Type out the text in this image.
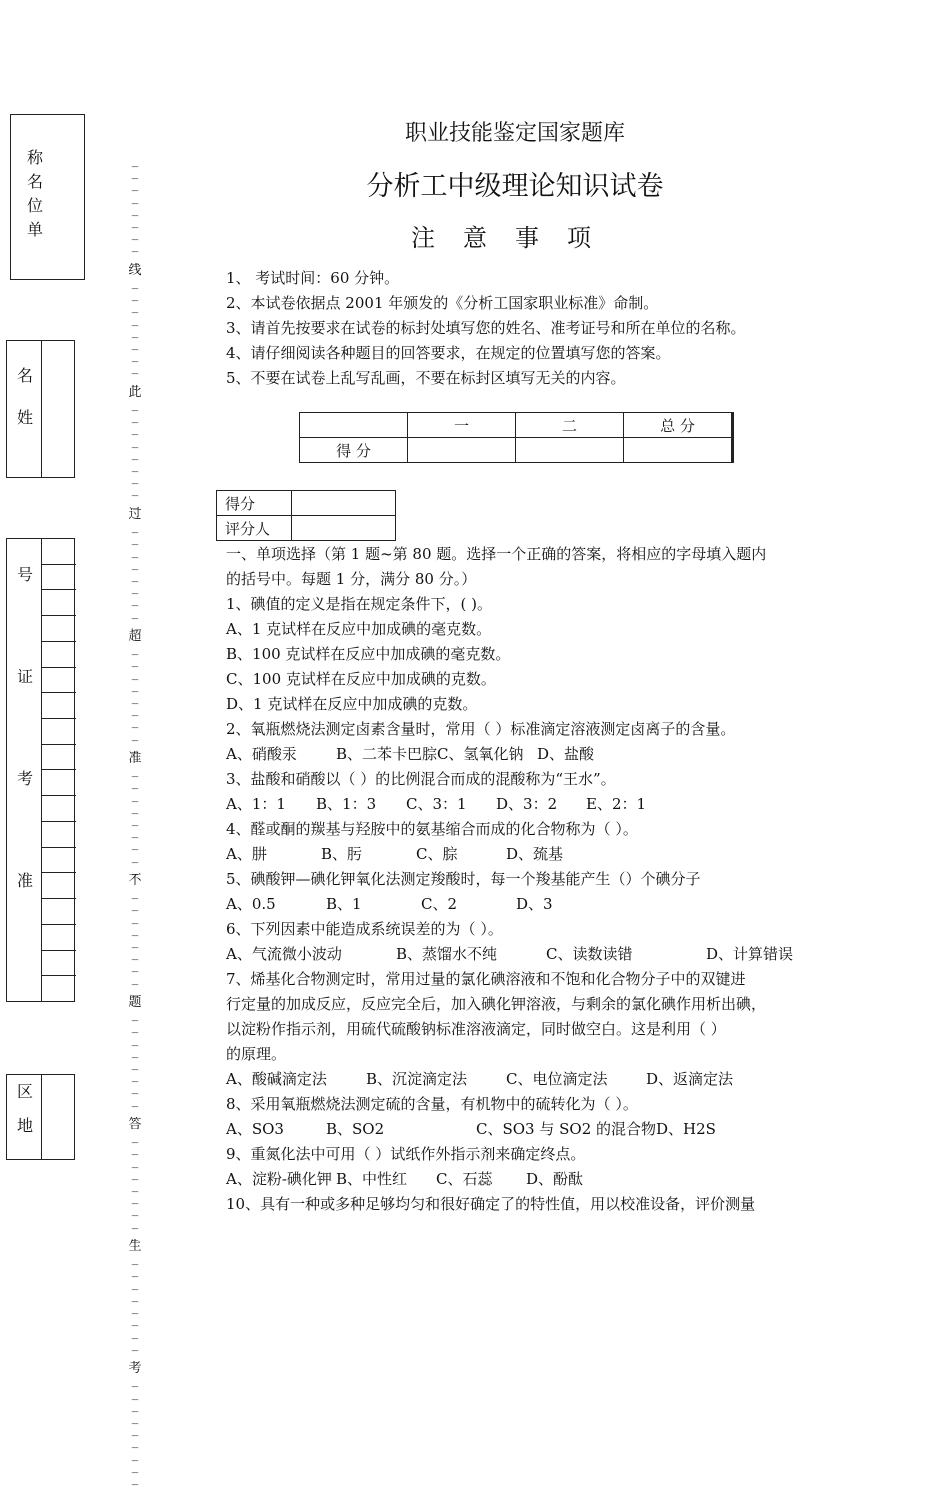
称名位单
名姓
号证考准
区地
_
_
_
_
_
_
_
_
_
线
_
_
_
_
_
_
_
_
_
此
_
_
_
_
_
_
_
_
_
过
_
_
_
_
_
_
_
_
_
超
_
_
_
_
_
_
_
_
_
准
_
_
_
_
_
_
_
_
_
不
_
_
_
_
_
_
_
_
_
题
_
_
_
_
_
_
_
_
_
答
_
_
_
_
_
_
_
_
_
生
_
_
_
_
_
_
_
_
_
考
_
_
_
_
_
_
_
_
_

职业技能鉴定国家题库
分析工中级理论知识试卷
注意事项
1、 考试时间：60 分钟。
2、本试卷依据点 2001 年颁发的《分析工国家职业标准》命制。
3、请首先按要求在试卷的标封处填写您的姓名、准考证号和所在单位的名称。
4、请仔细阅读各种题目的回答要求，在规定的位置填写您的答案。
5、不要在试卷上乱写乱画，不要在标封区填写无关的内容。
	一	二	总 分
得 分			
得分	
评分人	
一、单项选择（第 1 题~第 80 题。选择一个正确的答案，将相应的字母填入题内
的括号中。每题 1 分，满分 80 分。）
1、碘值的定义是指在规定条件下，( )。
A、1 克试样在反应中加成碘的毫克数。
B、100 克试样在反应中加成碘的毫克数。
C、100 克试样在反应中加成碘的克数。
D、1 克试样在反应中加成碘的克数。
2、氧瓶燃烧法测定卤素含量时，常用（ ）标准滴定溶液测定卤离子的含量。
A、硝酸汞	B、二苯卡巴腙C、氢氧化钠 D、盐酸
3、盐酸和硝酸以（ ）的比例混合而成的混酸称为“王水”。
A、1：1 B、1：3 C、3：1 D、3：2 E、2：1
4、醛或酮的羰基与羟胺中的氨基缩合而成的化合物称为（ ）。
A、肼	B、肟	C、腙	D、巯基
5、碘酸钾—碘化钾氧化法测定羧酸时，每一个羧基能产生（）个碘分子
A、0.5	B、1	C、2	D、3
6、下列因素中能造成系统误差的为（ ）。
A、气流微小波动	B、蒸馏水不纯	C、读数读错	D、计算错误
7、烯基化合物测定时，常用过量的氯化碘溶液和不饱和化合物分子中的双键进
行定量的加成反应，反应完全后，加入碘化钾溶液，与剩余的氯化碘作用析出碘，
以淀粉作指示剂，用硫代硫酸钠标准溶液滴定，同时做空白。这是利用（ ）
的原理。
A、酸碱滴定法	B、沉淀滴定法	C、电位滴定法	D、返滴定法
8、采用氧瓶燃烧法测定硫的含量，有机物中的硫转化为（ ）。
A、SO3	B、SO2	C、SO3 与 SO2 的混合物D、H2S
9、重氮化法中可用（ ）试纸作外指示剂来确定终点。
A、淀粉-碘化钾 B、中性红 C、石蕊 D、酚酞
10、具有一种或多种足够均匀和很好确定了的特性值，用以校准设备，评价测量
